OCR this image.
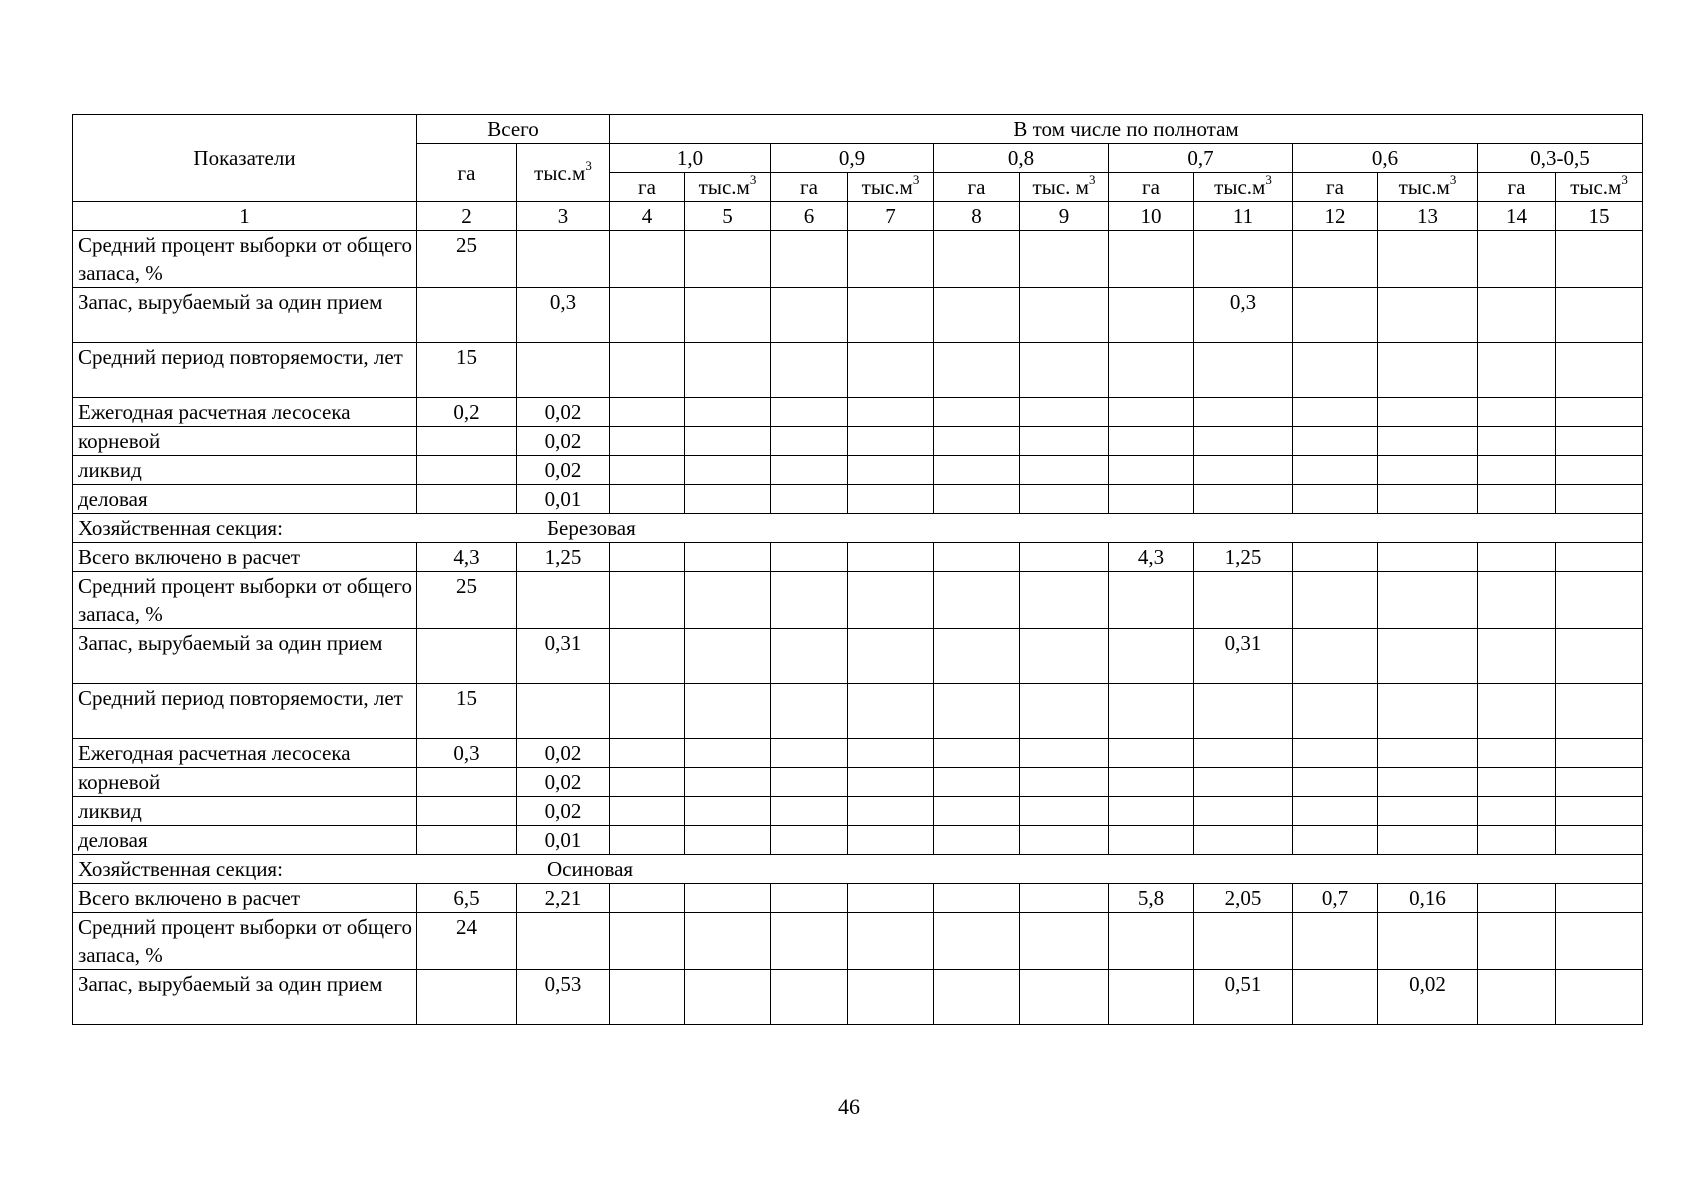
Показатели	Всего		В том числе по полнотам											
	га	$тыс.м^3$	1,0		0,9		0,8		0,7		0,6		0,3-0,5	
			га	$тыс.м^3$	га	$тыс.м^3$	га	тыс. $м^3$	га	$тыс.м^3$	га	$тыс.м^3$	га	$тыс.м^3$
1	2	3	4	5	6	7	8	9	10	11	12	13	14	15
Средний процент выборки от общего запаса, %	25													
Запас, вырубаемый за один прием		0,3								0,3				
Средний период повторяемости, лет	15													
Ежегодная расчетная лесосека	0,2	0,02												
корневой		0,02												
ликвид		0,02												
деловая		0,01												
Хозяйственная секция: Березовая														

Всего включено в расчет	4,3	1,25							4,3	1,25				
Средний процент выборки от общего запаса, %	25													
Запас, вырубаемый за один прием		0,31								0,31				
Средний период повторяемости, лет	15													
Ежегодная расчетная лесосека	0,3	0,02												
корневой		0,02												
ликвид		0,02												
деловая		0,01												
Хозяйственная секция: Осиновая														

Всего включено в расчет	6,5	2,21							5,8	2,05	0,7	0,16		
Средний процент выборки от общего запаса, %	24													
Запас, вырубаемый за один прием		0,53								0,51		0,02		
46
